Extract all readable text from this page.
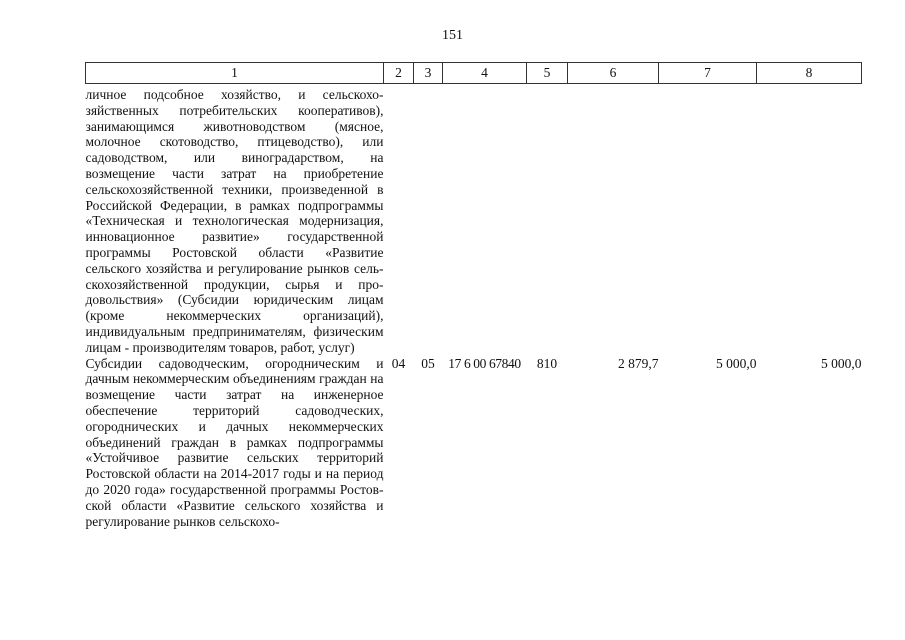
151
1	2	3	4	5	6	7	8
личное подсобное хозяйство, и сельскохозяйственных потребительских кооперативов), занимающимся животноводством (мясное, молочное скотоводство, птицеводство), или садоводством, или виноградарством, на возмещение части затрат на приобретение сельскохозяйственной техники, произведенной в Российской Федерации, в рамках подпрограммы «Техническая и технологическая модернизация, инновационное развитие» государственной программы Ростовской области «Развитие сельского хозяйства и регулирование рынков сельскохозяйственной продукции, сырья и продовольствия» (Субсидии юридическим лицам (кроме некоммерческих организаций), индивидуальным предпринимателям, физическим лицам - производителям товаров, работ, услуг)							
Субсидии садоводческим, огородническим и дачным некоммерческим объединениям граждан на возмещение части затрат на инженерное обеспечение территорий садоводческих, огороднических и дачных некоммерческих объединений граждан в рамках подпрограммы «Устойчивое развитие сельских территорий Ростовской области на 2014-2017 годы и на период до 2020 года» государственной программы Ростовской области «Развитие сельского хозяйства и регулирование рынков сельскохо-	04	05	17 6 00 67840	810	2 879,7	5 000,0	5 000,0
